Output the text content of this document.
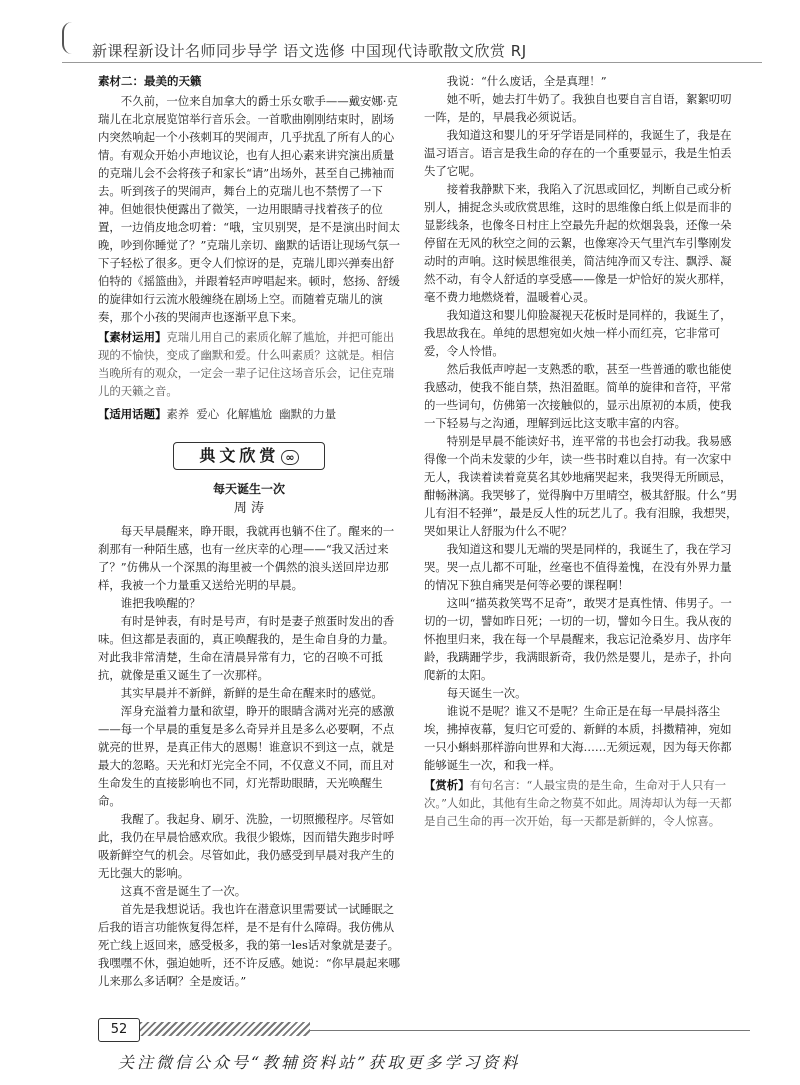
新课程新设计名师同步导学 语文选修 中国现代诗歌散文欣赏 RJ
素材二：最美的天籁

不久前，一位来自加拿大的爵士乐女歌手——戴安娜·克瑞儿在北京展览馆举行音乐会。一首歌曲刚刚结束时，剧场内突然响起一个小孩刺耳的哭闹声，几乎扰乱了所有人的心情。有观众开始小声地议论，也有人担心素来讲究演出质量的克瑞儿会不会将孩子和家长“请”出场外，甚至自己拂袖而去。听到孩子的哭闹声，舞台上的克瑞儿也不禁愣了一下神。但她很快便露出了微笑，一边用眼睛寻找着孩子的位置，一边俏皮地念叨着：“哦，宝贝别哭，是不是演出时间太晚，吵到你睡觉了？”克瑞儿亲切、幽默的话语让现场气氛一下子轻松了很多。更令人们惊讶的是，克瑞儿即兴弹奏出舒伯特的《摇篮曲》，并跟着轻声哼唱起来。顿时，悠扬、舒缓的旋律如行云流水般缠绕在剧场上空。而随着克瑞儿的演奏，那个小孩的哭闹声也逐渐平息下来。

【素材运用】克瑞儿用自己的素质化解了尴尬，并把可能出现的不愉快，变成了幽默和爱。什么叫素质？这就是。相信当晚所有的观众，一定会一辈子记住这场音乐会，记住克瑞儿的天籁之音。

【适用话题】素养  爱心  化解尴尬  幽默的力量
典文欣赏 ∞
每天诞生一次
周 涛

每天早晨醒来，睁开眼，我就再也躺不住了。醒来的一刹那有一种陌生感，也有一丝庆幸的心理——“我又活过来了？”仿佛从一个深黑的海里被一个偶然的浪头送回岸边那样，我被一个力量重又送给光明的早晨。

谁把我唤醒的？

有时是钟表，有时是号声，有时是妻子煎蛋时发出的香味。但这都是表面的，真正唤醒我的，是生命自身的力量。对此我非常清楚，生命在清晨异常有力，它的召唤不可抵抗，就像是重又诞生了一次那样。

其实早晨并不新鲜，新鲜的是生命在醒来时的感觉。

浑身充溢着力量和欲望，睁开的眼睛含满对光亮的感激——每一个早晨的重复是多么奇异并且是多么必要啊，不点就亮的世界，是真正伟大的恩赐！谁意识不到这一点，就是最大的忽略。天光和灯光完全不同，不仅意义不同，而且对生命发生的直接影响也不同，灯光帮助眼睛，天光唤醒生命。

我醒了。我起身、刷牙、洗脸，一切照搬程序。尽管如此，我仍在早晨恰感欢欣。我很少锻炼，因而错失跑步时呼吸新鲜空气的机会。尽管如此，我仍感受到早晨对我产生的无比强大的影响。

这真不啻是诞生了一次。

首先是我想说话。我也许在潜意识里需要试一试睡眠之后我的语言功能恢复得怎样，是不是有什么障碍。我仿佛从死亡线上返回来，感受极多，我的第一les话对象就是妻子。我嘿嘿不休，强迫她听，还不许反感。她说：“你早晨起来哪儿来那么多话啊？全是废话。”

我说：“什么废话，全是真理！”

她不听，她去打牛奶了。我独自也要自言自语，絮絮叨叨一阵，是的，早晨我必须说话。

我知道这和婴儿的牙牙学语是同样的，我诞生了，我是在温习语言。语言是我生命的存在的一个重要显示，我是生怕丢失了它呢。

接着我静默下来，我陷入了沉思或回忆，判断自己或分析别人，捕捉念头或欣赏思维，这时的思维像白纸上似是而非的显影线条，也像冬日村庄上空最先升起的炊烟袅袅，还像一朵停留在无风的秋空之间的云絮，也像寒冷天气里汽车引擎刚发动时的声响。这时候思维很美，简洁纯净而又专注、飘浮、凝然不动，有令人舒适的享受感——像是一炉恰好的炭火那样，毫不费力地燃烧着，温暖着心灵。

我知道这和婴儿仰脸凝视天花板时是同样的，我诞生了，我思故我在。单纯的思想宛如火烛一样小而红亮，它非常可爱，令人怜惜。

然后我低声哼起一支熟悉的歌，甚至一些普通的歌也能使我感动，使我不能自禁，热泪盈眶。简单的旋律和音符，平常的一些词句，仿佛第一次接触似的，显示出原初的本质，使我一下轻易与之沟通，理解到远比这支歌丰富的内容。

特别是早晨不能读好书，连平常的书也会打动我。我易感得像一个尚未发蒙的少年，读一些书时难以自持。有一次家中无人，我读着读着竟莫名其妙地痛哭起来，我哭得无所顾忌，酣畅淋漓。我哭够了，觉得胸中万里晴空，极其舒服。什么“男儿有泪不轻弹”，最是反人性的玩艺儿了。我有泪腺，我想哭，哭如果让人舒服为什么不呢？

我知道这和婴儿无端的哭是同样的，我诞生了，我在学习哭。哭一点儿都不可耻，丝毫也不值得羞愧，在没有外界力量的情况下独自痛哭是何等必要的课程啊！

这叫“描英救笑骂不足奇”，敢哭才是真性情、伟男子。一切的一切，譬如昨日死；一切的一切，譬如今日生。我从夜的怀抱里归来，我在每一个早晨醒来，我忘记沧桑岁月、齿序年龄，我蹒跚学步，我满眼新奇，我仍然是婴儿，是赤子，扑向爬新的太阳。

每天诞生一次。

谁说不是呢？谁又不是呢？生命正是在每一早晨抖落尘埃，拂掉夜幕，复归它可爱的、新鲜的本质，抖擞精神，宛如一只小蝌蚪那样游向世界和大海……无须远观，因为每天你都能够诞生一次，和我一样。

【赏析】有句名言：“人最宝贵的是生命，生命对于人只有一次。”人如此，其他有生命之物莫不如此。周涛却认为每一天都是自己生命的再一次开始，每一天都是新鲜的，令人惊喜。

52
关注微信公众号“教辅资料站”获取更多学习资料
